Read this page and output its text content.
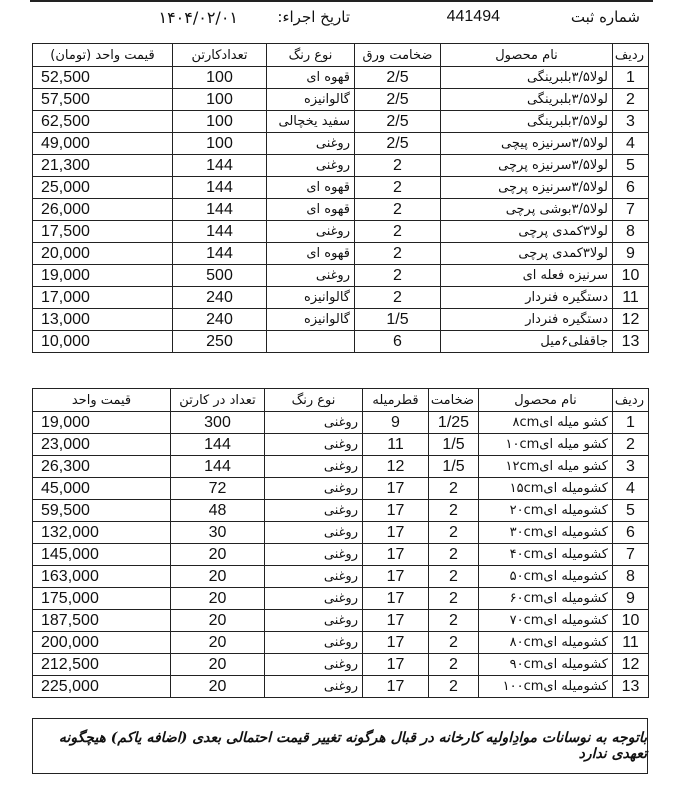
شماره ثبت
441494
تاریخ اجراء:
۱۴۰۴/۰۲/۰۱
ردیف	نام محصول	ضخامت ورق	نوع رنگ	تعدادکارتن	قیمت واحد (تومان)
1	لولا۳/۵بلبرینگی	2/5	قهوه ای	100	52,500
2	لولا۳/۵بلبرینگی	2/5	گالوانیزه	100	57,500
3	لولا۳/۵بلبرینگی	2/5	سفید یخچالی	100	62,500
4	لولا۳/۵سرنیزه پیچی	2/5	روغنی	100	49,000
5	لولا۳/۵سرنیزه پرچی	2	روغنی	144	21,300
6	لولا۳/۵سرنیزه پرچی	2	قهوه ای	144	25,000
7	لولا۳/۵بوشی پرچی	2	قهوه ای	144	26,000
8	لولا۳کمدی پرچی	2	روغنی	144	17,500
9	لولا۳کمدی پرچی	2	قهوه ای	144	20,000
10	سرنیزه فعله ای	2	روغنی	500	19,000
11	دستگیره فنردار	2	گالوانیزه	240	17,000
12	دستگیره فنردار	1/5	گالوانیزه	240	13,000
13	جاقفلی۶میل	6		250	10,000
ردیف	نام محصول	ضخامت	قطرمیله	نوع رنگ	تعداد در کارتن	قیمت واحد
1	کشو میله ای۸cm	1/25	9	روغنی	300	19,000
2	کشو میله ای۱۰cm	1/5	11	روغنی	144	23,000
3	کشو میله ای۱۲cm	1/5	12	روغنی	144	26,300
4	کشومیله ای۱۵cm	2	17	روغنی	72	45,000
5	کشومیله ای۲۰cm	2	17	روغنی	48	59,500
6	کشومیله ای۳۰cm	2	17	روغنی	30	132,000
7	کشومیله ای۴۰cm	2	17	روغنی	20	145,000
8	کشومیله ای۵۰cm	2	17	روغنی	20	163,000
9	کشومیله ای۶۰cm	2	17	روغنی	20	175,000
10	کشومیله ای۷۰cm	2	17	روغنی	20	187,500
11	کشومیله ای۸۰cm	2	17	روغنی	20	200,000
12	کشومیله ای۹۰cm	2	17	روغنی	20	212,500
13	کشومیله ای۱۰۰cm	2	17	روغنی	20	225,000
باتوجه به نوسانات موادِاولیه کارخانه در قبال هرگونه تغییر قیمت احتمالی بعدی (اضافه یاکم) هیچگونه تعهدی ندارد
